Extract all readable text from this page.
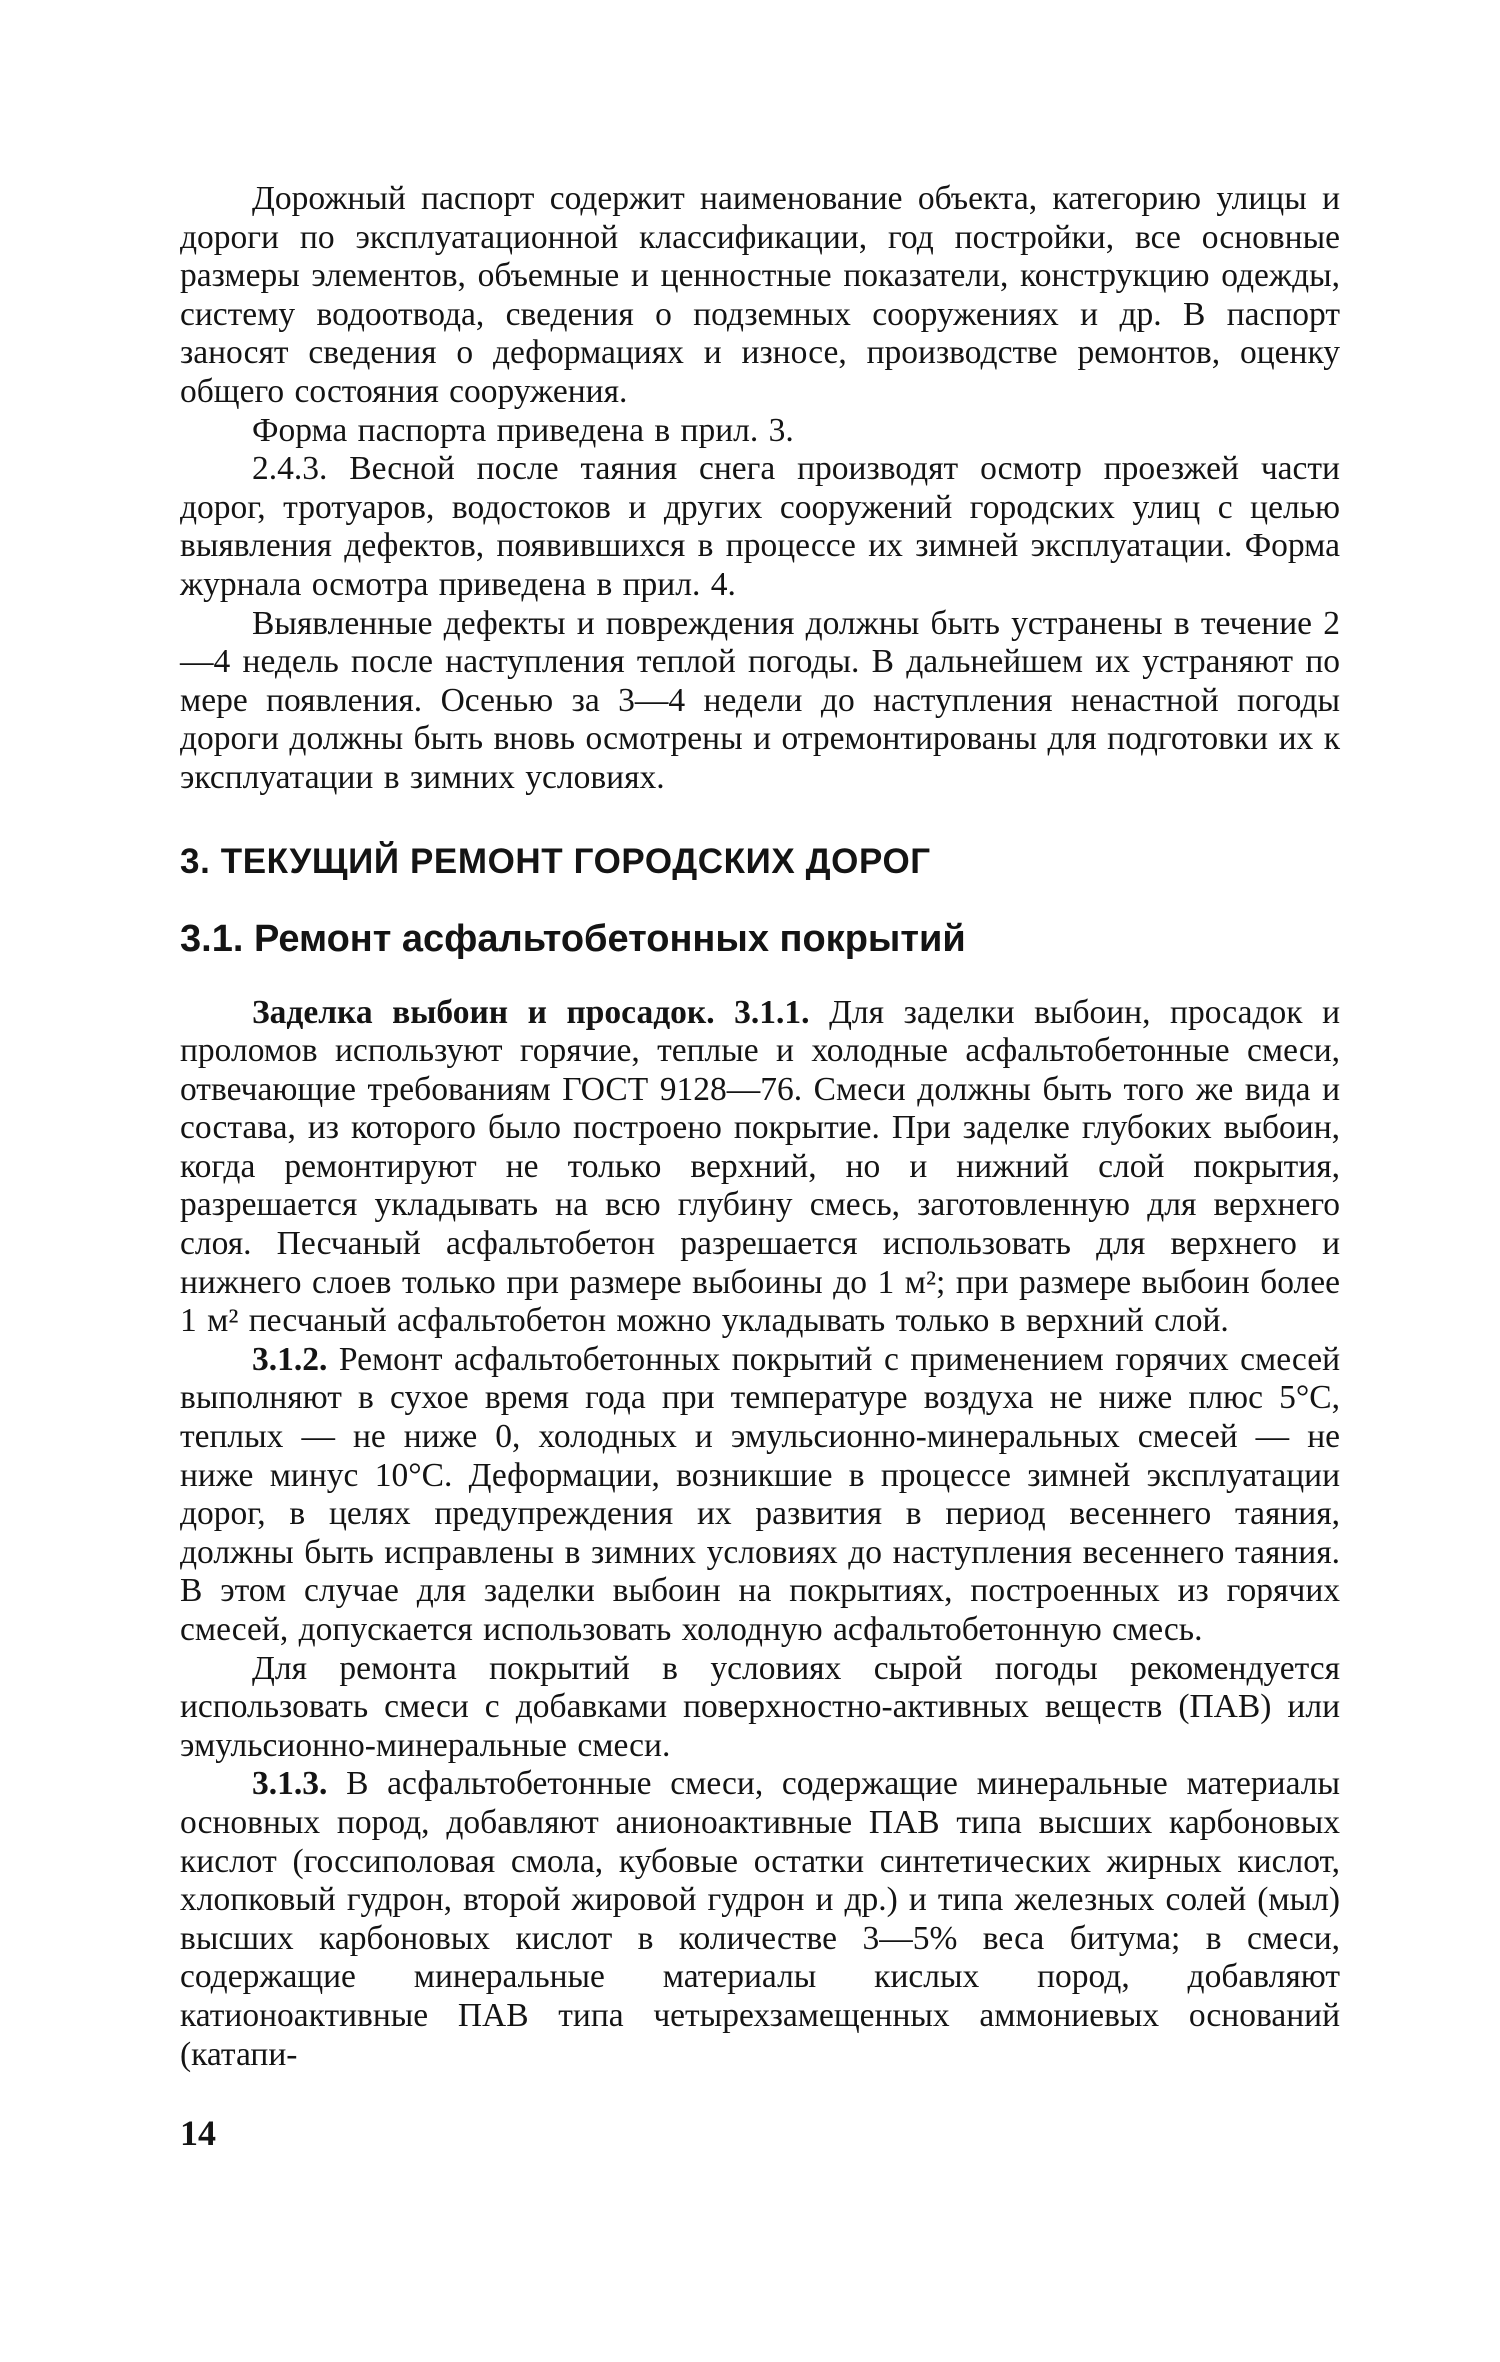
Дорожный паспорт содержит наименование объекта, категорию улицы и дороги по эксплуатационной классификации, год постройки, все основные размеры элементов, объемные и ценностные показатели, конструкцию одежды, систему водоотвода, сведения о подземных сооружениях и др. В паспорт заносят сведения о деформациях и износе, производстве ремонтов, оценку общего состояния сооружения.

Форма паспорта приведена в прил. 3.

2.4.3. Весной после таяния снега производят осмотр проезжей части дорог, тротуаров, водостоков и других сооружений городских улиц с целью выявления дефектов, появившихся в процессе их зимней эксплуатации. Форма журнала осмотра приведена в прил. 4.

Выявленные дефекты и повреждения должны быть устранены в течение 2—4 недель после наступления теплой погоды. В дальнейшем их устраняют по мере появления. Осенью за 3—4 недели до наступления ненастной погоды дороги должны быть вновь осмотрены и отремонтированы для подготовки их к эксплуатации в зимних условиях.

3. ТЕКУЩИЙ РЕМОНТ ГОРОДСКИХ ДОРОГ
3.1. Ремонт асфальтобетонных покрытий

Заделка выбоин и просадок. 3.1.1. Для заделки выбоин, просадок и проломов используют горячие, теплые и холодные асфальтобетонные смеси, отвечающие требованиям ГОСТ 9128—76. Смеси должны быть того же вида и состава, из которого было построено покрытие. При заделке глубоких выбоин, когда ремонтируют не только верхний, но и нижний слой покрытия, разрешается укладывать на всю глубину смесь, заготовленную для верхнего слоя. Песчаный асфальтобетон разрешается использовать для верхнего и нижнего слоев только при размере выбоины до 1 м²; при размере выбоин более 1 м² песчаный асфальтобетон можно укладывать только в верхний слой.

3.1.2. Ремонт асфальтобетонных покрытий с применением горячих смесей выполняют в сухое время года при температуре воздуха не ниже плюс 5°С, теплых — не ниже 0, холодных и эмульсионно-минеральных смесей — не ниже минус 10°С. Деформации, возникшие в процессе зимней эксплуатации дорог, в целях предупреждения их развития в период весеннего таяния, должны быть исправлены в зимних условиях до наступления весеннего таяния. В этом случае для заделки выбоин на покрытиях, построенных из горячих смесей, допускается использовать холодную асфальтобетонную смесь.

Для ремонта покрытий в условиях сырой погоды рекомендуется использовать смеси с добавками поверхностно-активных веществ (ПАВ) или эмульсионно-минеральные смеси.

3.1.3. В асфальтобетонные смеси, содержащие минеральные материалы основных пород, добавляют анионоактивные ПАВ типа высших карбоновых кислот (госсиполовая смола, кубовые остатки синтетических жирных кислот, хлопковый гудрон, второй жировой гудрон и др.) и типа железных солей (мыл) высших карбоновых кислот в количестве 3—5% веса битума; в смеси, содержащие минеральные материалы кислых пород, добавляют катионоактивные ПАВ типа четырехзамещенных аммониевых оснований (катапи-

14
